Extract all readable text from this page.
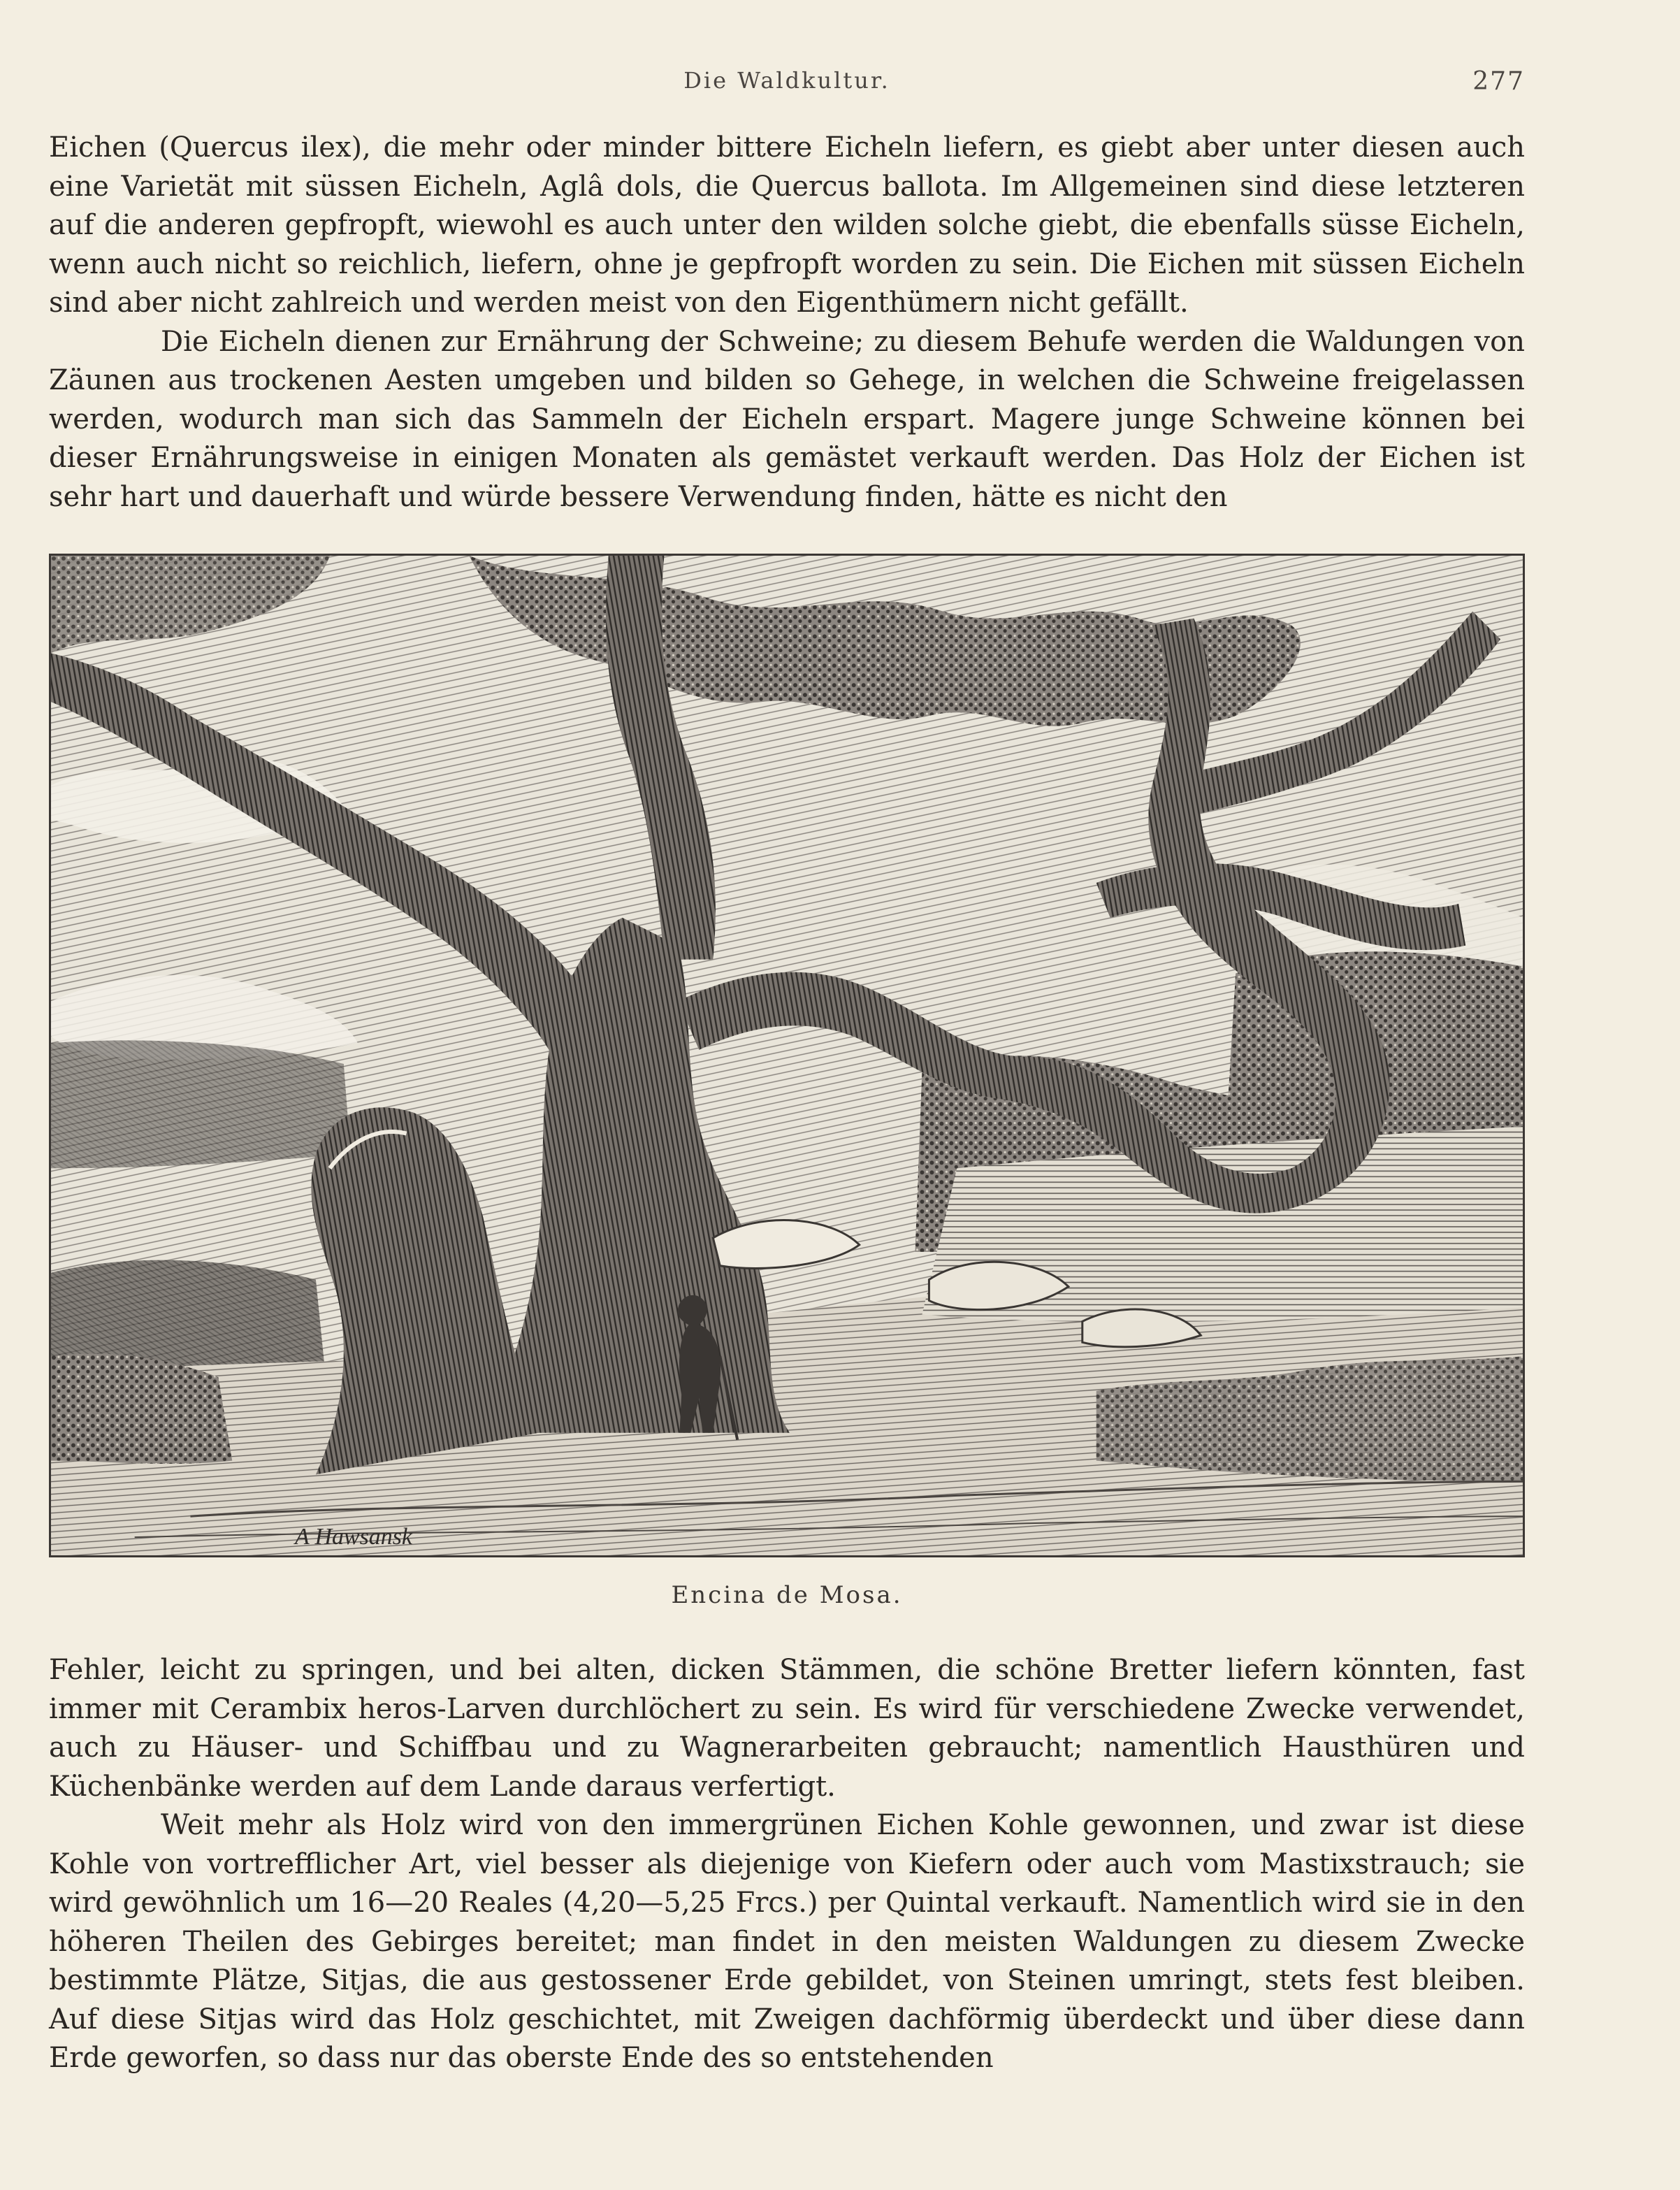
Die Waldkultur.	277

Eichen (Quercus ilex), die mehr oder minder bittere Eicheln liefern, es giebt aber unter diesen auch eine Varietät mit süssen Eicheln, Aglâ dols, die Quercus ballota. Im Allgemeinen sind diese letzteren auf die anderen gepfropft, wiewohl es auch unter den wilden solche giebt, die ebenfalls süsse Eicheln, wenn auch nicht so reichlich, liefern, ohne je gepfropft worden zu sein. Die Eichen mit süssen Eicheln sind aber nicht zahlreich und werden meist von den Eigenthümern nicht gefällt.

Die Eicheln dienen zur Ernährung der Schweine; zu diesem Behufe werden die Waldungen von Zäunen aus trockenen Aesten umgeben und bilden so Gehege, in welchen die Schweine freigelassen werden, wodurch man sich das Sammeln der Eicheln erspart. Magere junge Schweine können bei dieser Ernährungsweise in einigen Monaten als gemästet verkauft werden. Das Holz der Eichen ist sehr hart und dauerhaft und würde bessere Verwendung finden, hätte es nicht den

A Hawsansk
Encina de Mosa.

Fehler, leicht zu springen, und bei alten, dicken Stämmen, die schöne Bretter liefern könnten, fast immer mit Cerambix heros-Larven durchlöchert zu sein. Es wird für verschiedene Zwecke verwendet, auch zu Häuser- und Schiffbau und zu Wagnerarbeiten gebraucht; namentlich Hausthüren und Küchenbänke werden auf dem Lande daraus verfertigt.

Weit mehr als Holz wird von den immergrünen Eichen Kohle gewonnen, und zwar ist diese Kohle von vortrefflicher Art, viel besser als diejenige von Kiefern oder auch vom Mastixstrauch; sie wird gewöhnlich um 16—20 Reales (4,20—5,25 Frcs.) per Quintal verkauft. Namentlich wird sie in den höheren Theilen des Gebirges bereitet; man findet in den meisten Waldungen zu diesem Zwecke bestimmte Plätze, Sitjas, die aus gestossener Erde gebildet, von Steinen umringt, stets fest bleiben. Auf diese Sitjas wird das Holz geschichtet, mit Zweigen dachförmig überdeckt und über diese dann Erde geworfen, so dass nur das oberste Ende des so entstehenden
